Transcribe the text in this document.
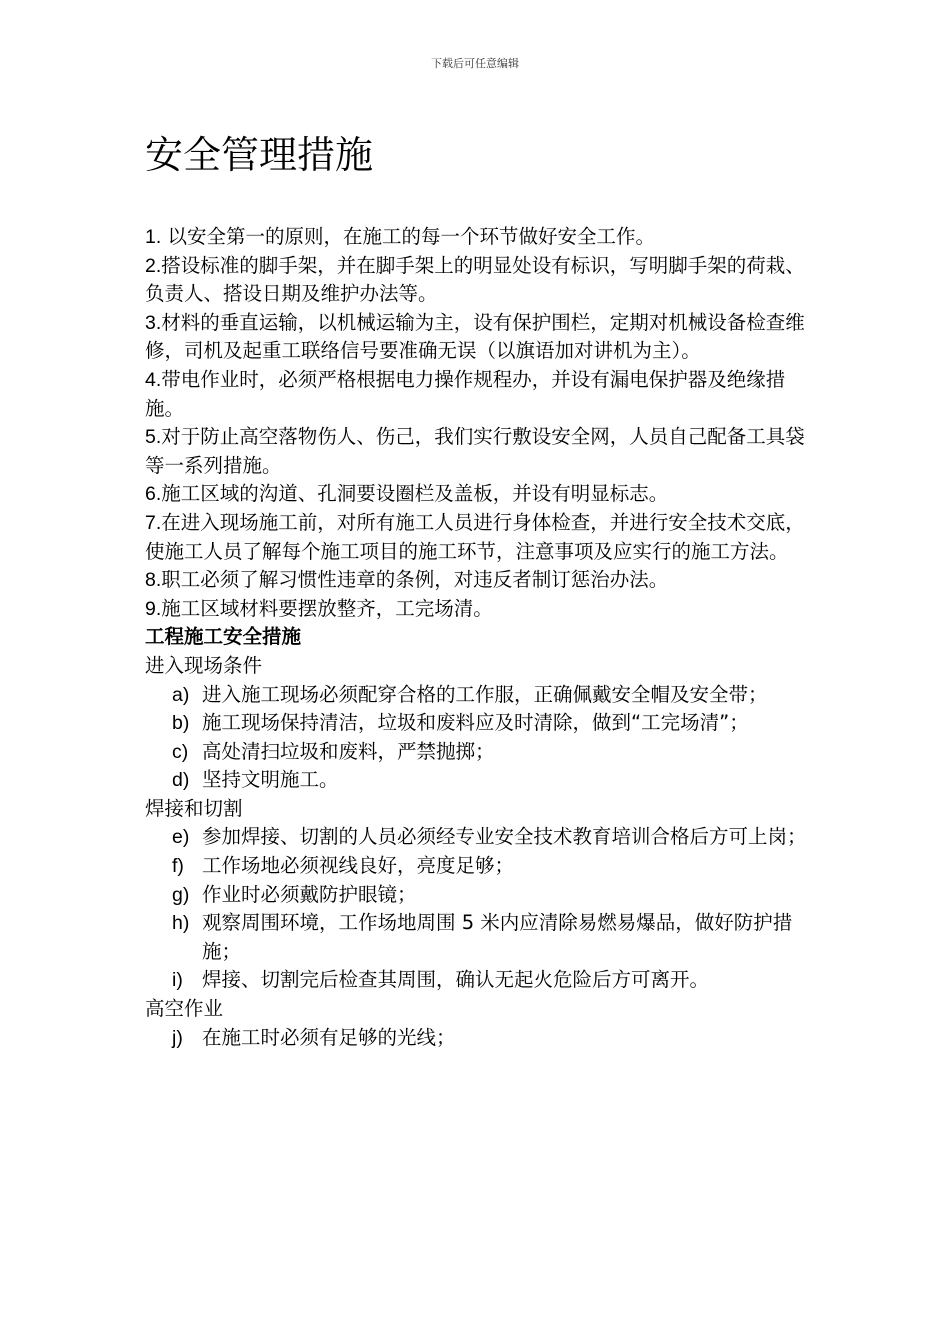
下载后可任意编辑
安全管理措施

1. 以安全第一的原则，在施工的每一个环节做好安全工作。

2.搭设标准的脚手架，并在脚手架上的明显处设有标识，写明脚手架的荷栽、负责人、搭设日期及维护办法等。

3.材料的垂直运输，以机械运输为主，设有保护围栏，定期对机械设备检查维　 修，司机及起重工联络信号要准确无误（以旗语加对讲机为主）。

4.带电作业时，必须严格根据电力操作规程办，并设有漏电保护器及绝缘措施。

5.对于防止高空落物伤人、伤己，我们实行敷设安全网，人员自己配备工具袋等一系列措施。

6.施工区域的沟道、孔洞要设圈栏及盖板，并设有明显标志。

7.在进入现场施工前，对所有施工人员进行身体检查，并进行安全技术交底，使施工人员了解每个施工项目的施工环节，注意事项及应实行的施工方法。

8.职工必须了解习惯性违章的条例，对违反者制订惩治办法。

9.施工区域材料要摆放整齐，工完场清。

工程施工安全措施

进入现场条件

a) 进入施工现场必须配穿合格的工作服，正确佩戴安全帽及安全带；
b) 施工现场保持清洁，垃圾和废料应及时清除，做到“工完场清”；
c) 高处清扫垃圾和废料，严禁抛掷；
d) 坚持文明施工。

焊接和切割

e) 参加焊接、切割的人员必须经专业安全技术教育培训合格后方可上岗；
f) 工作场地必须视线良好，亮度足够；
g) 作业时必须戴防护眼镜；
h) 观察周围环境，工作场地周围 5 米内应清除易燃易爆品，做好防护措施；
i) 焊接、切割完后检查其周围，确认无起火危险后方可离开。

高空作业

j) 在施工时必须有足够的光线；
